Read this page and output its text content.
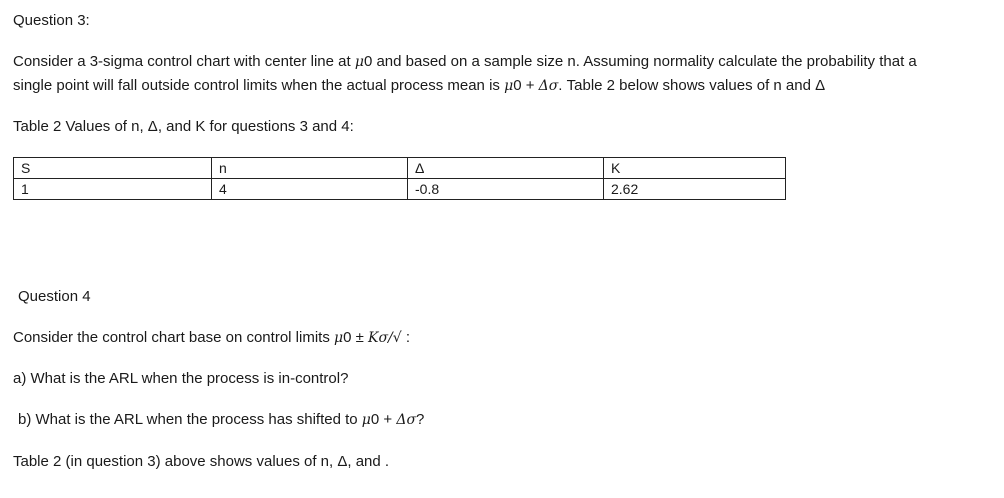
Question 3:
Consider a 3-sigma control chart with center line at μ0 and based on a sample size n. Assuming normality calculate the probability that a
single point will fall outside control limits when the actual process mean is μ0 + Δσ. Table 2 below shows values of n and Δ
Table 2 Values of n, Δ, and K for questions 3 and 4:
S	n	Δ	K
1	4	-0.8	2.62
Question 4
Consider the control chart base on control limits μ0 ± Kσ/√ :
a) What is the ARL when the process is in-control?
b) What is the ARL when the process has shifted to μ0 + Δσ?
Table 2 (in question 3) above shows values of n, Δ, and .
